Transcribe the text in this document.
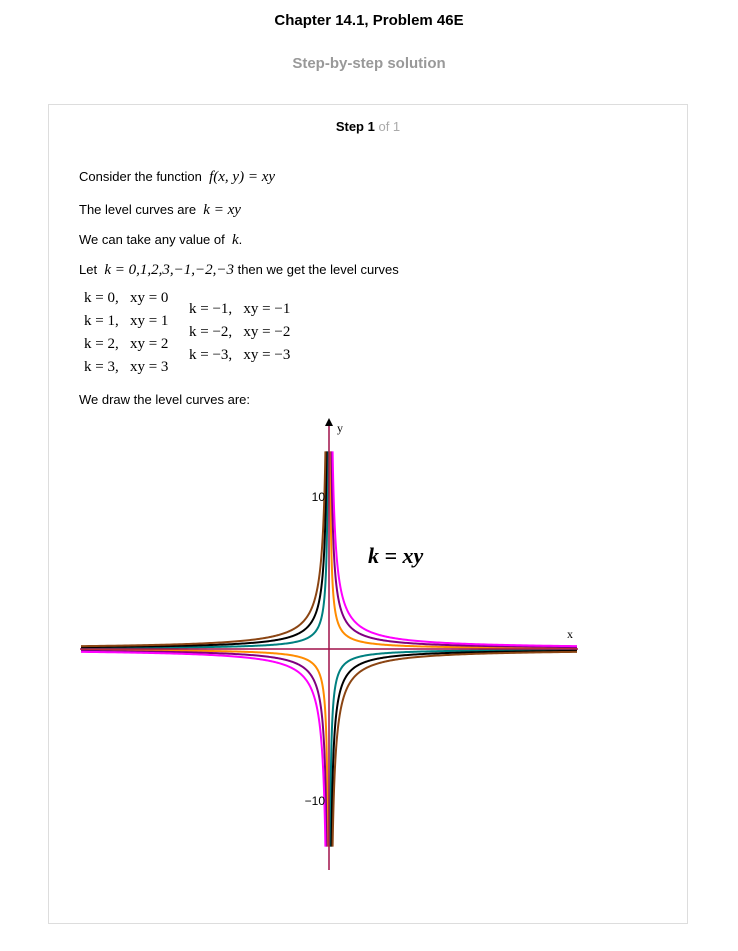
Chapter 14.1, Problem 46E
Step-by-step solution
Step 1 of 1
Consider the function f(x, y) = xy
The level curves are k = xy
We can take any value of k.
Let k = 0,1,2,3,−1,−2,−3 then we get the level curves
k = 0,   xy = 0
k = 1,   xy = 1
k = 2,   xy = 2
k = 3,   xy = 3
k = −1,   xy = −1
k = −2,   xy = −2
k = −3,   xy = −3
We draw the level curves are:
y
x
10
−10
k = xy
